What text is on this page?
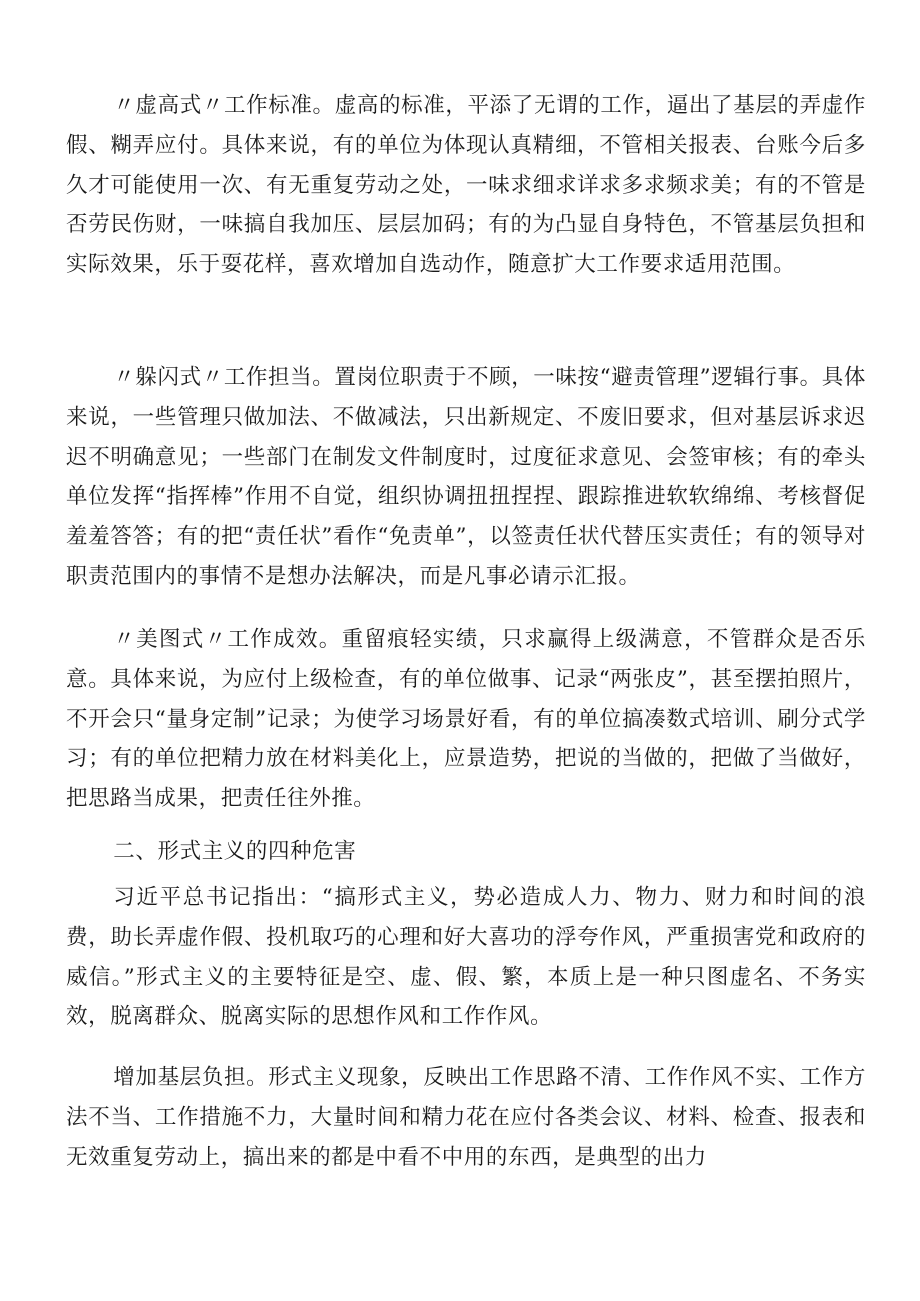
〃虚高式〃工作标准。虚高的标准，平添了无谓的工作，逼出了基层的弄虚作假、糊弄应付。具体来说，有的单位为体现认真精细，不管相关报表、台账今后多久才可能使用一次、有无重复劳动之处，一味求细求详求多求频求美；有的不管是否劳民伤财，一味搞自我加压、层层加码；有的为凸显自身特色，不管基层负担和实际效果，乐于耍花样，喜欢增加自选动作，随意扩大工作要求适用范围。

〃躲闪式〃工作担当。置岗位职责于不顾，一味按“避责管理”逻辑行事。具体来说，一些管理只做加法、不做减法，只出新规定、不废旧要求，但对基层诉求迟迟不明确意见；一些部门在制发文件制度时，过度征求意见、会签审核；有的牵头单位发挥“指挥棒”作用不自觉，组织协调扭扭捏捏、跟踪推进软软绵绵、考核督促羞羞答答；有的把“责任状”看作“免责单”，以签责任状代替压实责任；有的领导对职责范围内的事情不是想办法解决，而是凡事必请示汇报。

〃美图式〃工作成效。重留痕轻实绩，只求赢得上级满意，不管群众是否乐意。具体来说，为应付上级检查，有的单位做事、记录“两张皮”，甚至摆拍照片，不开会只“量身定制”记录；为使学习场景好看，有的单位搞凑数式培训、刷分式学习；有的单位把精力放在材料美化上，应景造势，把说的当做的，把做了当做好，把思路当成果，把责任往外推。

二、形式主义的四种危害

习近平总书记指出：“搞形式主义，势必造成人力、物力、财力和时间的浪费，助长弄虚作假、投机取巧的心理和好大喜功的浮夸作风，严重损害党和政府的威信。”形式主义的主要特征是空、虚、假、繁，本质上是一种只图虚名、不务实效，脱离群众、脱离实际的思想作风和工作作风。

增加基层负担。形式主义现象，反映出工作思路不清、工作作风不实、工作方法不当、工作措施不力，大量时间和精力花在应付各类会议、材料、检查、报表和无效重复劳动上，搞出来的都是中看不中用的东西，是典型的出力
